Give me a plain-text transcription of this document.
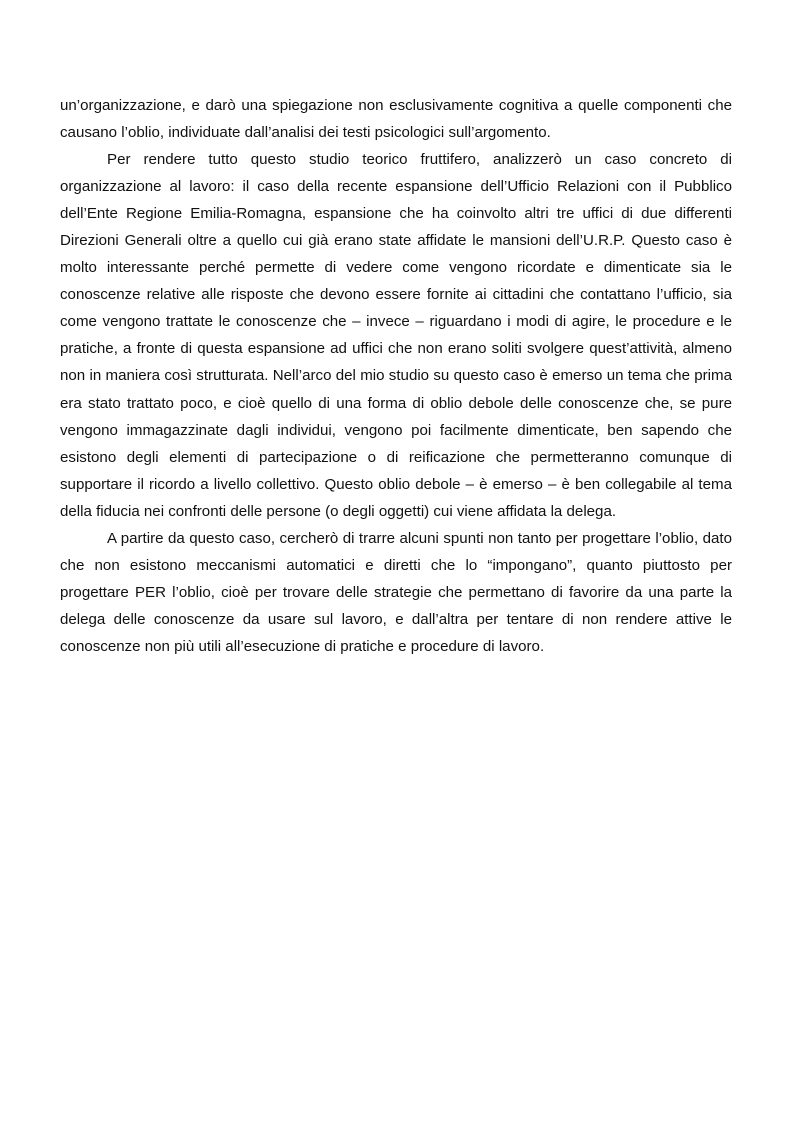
un’organizzazione, e darò una spiegazione non esclusivamente cognitiva a quelle componenti che causano l’oblio, individuate dall’analisi dei testi psicologici sull’argomento.

Per rendere tutto questo studio teorico fruttifero, analizzerò un caso concreto di organizzazione al lavoro: il caso della recente espansione dell’Ufficio Relazioni con il Pubblico dell’Ente Regione Emilia-Romagna, espansione che ha coinvolto altri tre uffici di due differenti Direzioni Generali oltre a quello cui già erano state affidate le mansioni dell’U.R.P. Questo caso è molto interessante perché permette di vedere come vengono ricordate e dimenticate sia le conoscenze relative alle risposte che devono essere fornite ai cittadini che contattano l’ufficio, sia come vengono trattate le conoscenze che – invece – riguardano i modi di agire, le procedure e le pratiche, a fronte di questa espansione ad uffici che non erano soliti svolgere quest’attività, almeno non in maniera così strutturata. Nell’arco del mio studio su questo caso è emerso un tema che prima era stato trattato poco, e cioè quello di una forma di oblio debole delle conoscenze che, se pure vengono immagazzinate dagli individui, vengono poi facilmente dimenticate, ben sapendo che esistono degli elementi di partecipazione o di reificazione che permetteranno comunque di supportare il ricordo a livello collettivo. Questo oblio debole – è emerso – è ben collegabile al tema della fiducia nei confronti delle persone (o degli oggetti) cui viene affidata la delega.

A partire da questo caso, cercherò di trarre alcuni spunti non tanto per progettare l’oblio, dato che non esistono meccanismi automatici e diretti che lo “impongano”, quanto piuttosto per progettare PER l’oblio, cioè per trovare delle strategie che permettano di favorire da una parte la delega delle conoscenze da usare sul lavoro, e dall’altra per tentare di non rendere attive le conoscenze non più utili all’esecuzione di pratiche e procedure di lavoro.
